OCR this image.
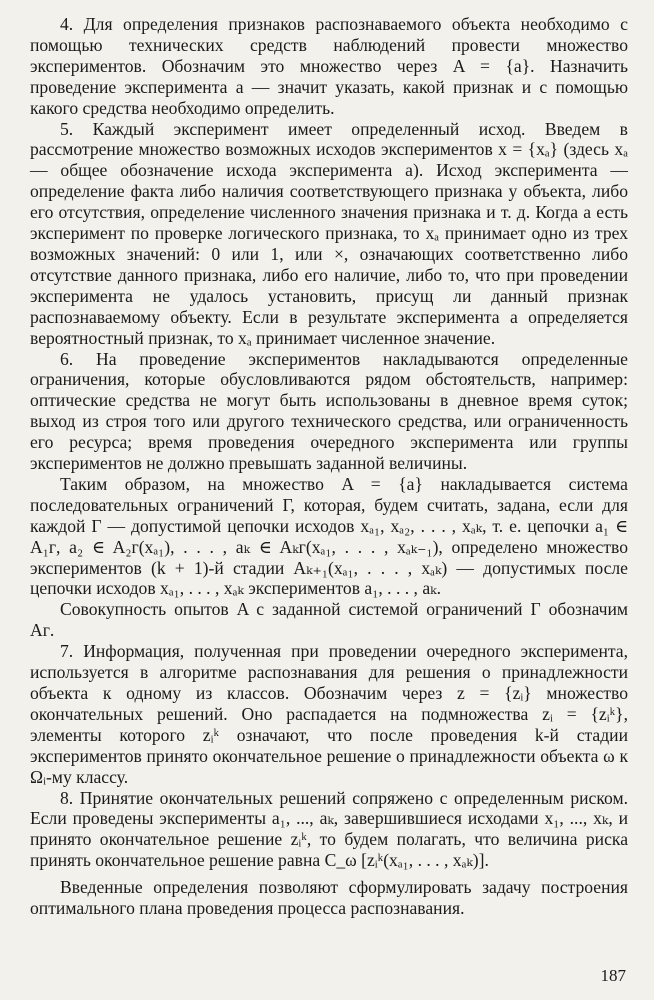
4. Для определения признаков распознаваемого объекта необходимо с помощью технических средств наблюдений провести множество экспериментов. Обозначим это множество через A = {a}. Назначить проведение эксперимента a — значит указать, какой признак и с помощью какого средства необходимо определить.

5. Каждый эксперимент имеет определенный исход. Введем в рассмотрение множество возможных исходов экспериментов x = {xₐ} (здесь xₐ — общее обозначение исхода эксперимента a). Исход эксперимента — определение факта либо наличия соответствующего признака у объекта, либо его отсутствия, определение численного значения признака и т. д. Когда a есть эксперимент по проверке логического признака, то xₐ принимает одно из трех возможных значений: 0 или 1, или ×, означающих соответственно либо отсутствие данного признака, либо его наличие, либо то, что при проведении эксперимента не удалось установить, присущ ли данный признак распознаваемому объекту. Если в результате эксперимента a определяется вероятностный признак, то xₐ принимает численное значение.

6. На проведение экспериментов накладываются определенные ограничения, которые обусловливаются рядом обстоятельств, например: оптические средства не могут быть использованы в дневное время суток; выход из строя того или другого технического средства, или ограниченность его ресурса; время проведения очередного эксперимента или группы экспериментов не должно превышать заданной величины.

Таким образом, на множество A = {a} накладывается система последовательных ограничений Γ, которая, будем считать, задана, если для каждой Γ — допустимой цепочки исходов xₐ₁, xₐ₂, . . . , xₐₖ, т. е. цепочки a₁ ∈ A₁ᴦ, a₂ ∈ A₂ᴦ(xₐ₁), . . . , aₖ ∈ Aₖᴦ(xₐ₁, . . . , xₐₖ₋₁), определено множество экспериментов (k + 1)-й стадии Aₖ₊₁(xₐ₁, . . . , xₐₖ) — допустимых после цепочки исходов xₐ₁, . . . , xₐₖ экспериментов a₁, . . . , aₖ.

Совокупность опытов A с заданной системой ограничений Γ обозначим Aᴦ.

7. Информация, полученная при проведении очередного эксперимента, используется в алгоритме распознавания для решения о принадлежности объекта к одному из классов. Обозначим через z = {zᵢ} множество окончательных решений. Оно распадается на подмножества zᵢ = {zᵢᵏ}, элементы которого zᵢᵏ означают, что после проведения k-й стадии экспериментов принято окончательное решение о принадлежности объекта ω к Ωᵢ-му классу.

8. Принятие окончательных решений сопряжено с определенным риском. Если проведены эксперименты a₁, ..., aₖ, завершившиеся исходами x₁, ..., xₖ, и принято окончательное решение zᵢᵏ, то будем полагать, что величина риска принять окончательное решение равна C_ω [zᵢᵏ(xₐ₁, . . . , xₐₖ)].

Введенные определения позволяют сформулировать задачу построения оптимального плана проведения процесса распознавания.

187
